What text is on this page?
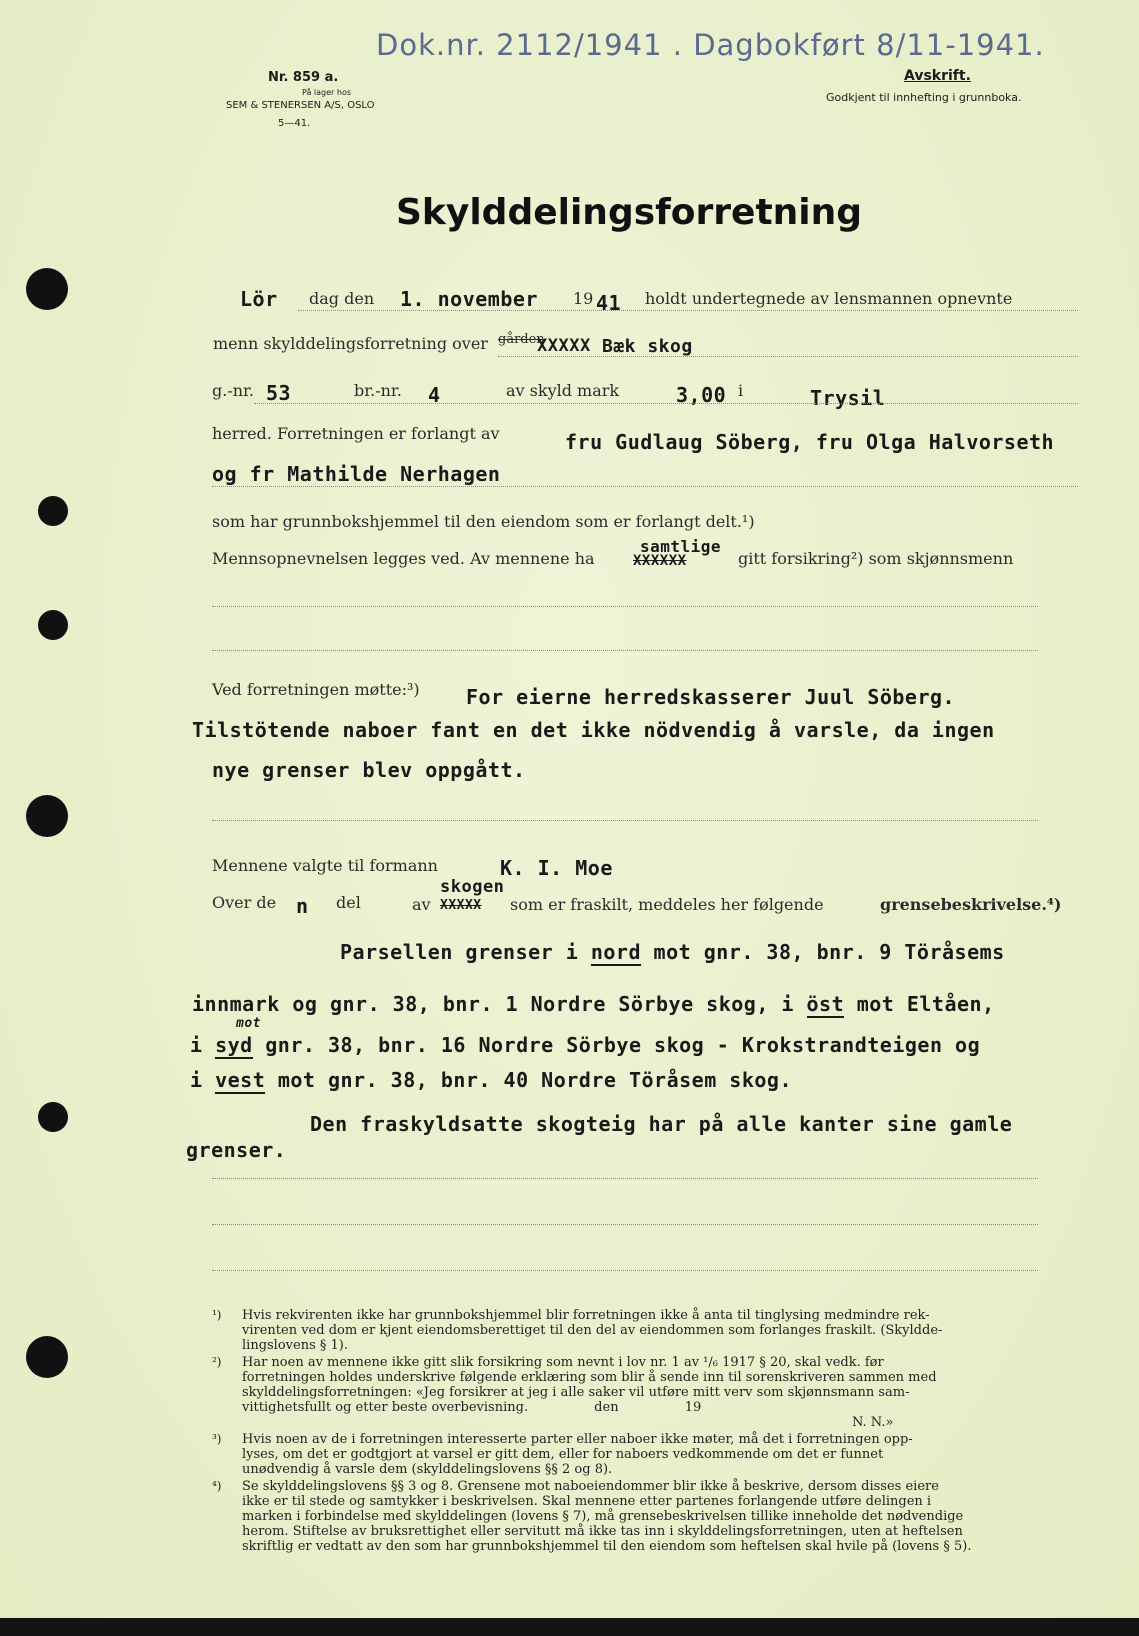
Dok.nr. 2112/1941 . Dagbokført 8/11-1941.
Nr. 859 a.
På lager hos
SEM & STENERSEN A/S, OSLO
5—41.
Avskrift.
Godkjent til innhefting i grunnboka.
Skylddelingsforretning
Lör dag den 1. november 19 41 holdt undertegnede av lensmannen opnevnte
menn skylddelingsforretning over gården
XXXXX Bæk skog
g.-nr. 53	br.-nr. 4	av skyld mark	3,00 i	Trysil
herred. Forretningen er forlangt av	fru Gudlaug Söberg, fru Olga Halvorseth
og fr Mathilde Nerhagen
som har grunnbokshjemmel til den eiendom som er forlangt delt.¹)
Mennsopnevnelsen legges ved. Av mennene ha
samtlige
XXXXXX	gitt forsikring²) som skjønnsmenn
Ved forretningen møtte:³) For eierne herredskasserer Juul Söberg.
Tilstötende naboer fant en det ikke nödvendig å varsle, da ingen
nye grenser blev oppgått.
Mennene valgte til formann	K. I. Moe
Over de n del	av
skogen
XXXXX som er fraskilt, meddeles her følgende	grensebeskrivelse.⁴)
Parsellen grenser i nord mot gnr. 38, bnr. 9 Töråsems
innmark og gnr. 38, bnr. 1 Nordre Sörbye skog, i öst mot Eltåen,
mot
i syd gnr. 38, bnr. 16 Nordre Sörbye skog - Krokstrandteigen og
i vest mot gnr. 38, bnr. 40 Nordre Töråsem skog.
Den fraskyldsatte skogteig har på alle kanter sine gamle
grenser.
¹) Hvis rekvirenten ikke har grunnbokshjemmel blir forretningen ikke å anta til tinglysing medmindre rek-
virenten ved dom er kjent eiendomsberettiget til den del av eiendommen som forlanges fraskilt. (Skyldde-
lingslovens § 1).
²) Har noen av mennene ikke gitt slik forsikring som nevnt i lov nr. 1 av ¹/₆ 1917 § 20, skal vedk. før
forretningen holdes underskrive følgende erklæring som blir å sende inn til sorenskriveren sammen med
skylddelingsforretningen: «Jeg forsikrer at jeg i alle saker vil utføre mitt verv som skjønnsmann sam-
vittighetsfullt og etter beste overbevisning.                den                19
N. N.»
³) Hvis noen av de i forretningen interesserte parter eller naboer ikke møter, må det i forretningen opp-
lyses, om det er godtgjort at varsel er gitt dem, eller for naboers vedkommende om det er funnet
unødvendig å varsle dem (skylddelingslovens §§ 2 og 8).
⁴) Se skylddelingslovens §§ 3 og 8. Grensene mot naboeiendommer blir ikke å beskrive, dersom disses eiere
ikke er til stede og samtykker i beskrivelsen. Skal mennene etter partenes forlangende utføre delingen i
marken i forbindelse med skylddelingen (lovens § 7), må grensebeskrivelsen tillike inneholde det nødvendige
herom. Stiftelse av bruksrettighet eller servitutt må ikke tas inn i skylddelingsforretningen, uten at heftelsen
skriftlig er vedtatt av den som har grunnbokshjemmel til den eiendom som heftelsen skal hvile på (lovens § 5).
